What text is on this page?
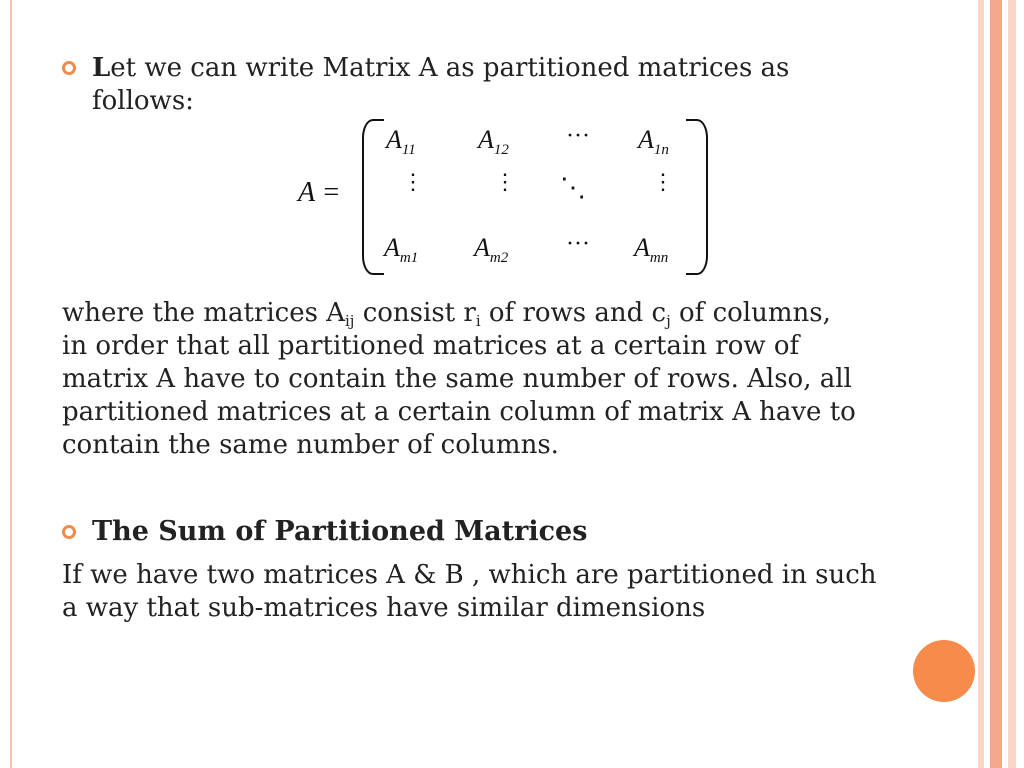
Let we can write Matrix A as partitioned matrices as
follows:
A =
$A_{11}$ $A_{12}$
··· $A_{1n}$
⋮	⋮ ⋱	⋮
$A_{m1}$ $A_{m2}$
··· $A_{mn}$
where the matrices $A_{ij}$ consist $r_i$ of rows and $c_j$ of columns,
in order that all partitioned matrices at a certain row of
matrix A have to contain the same number of rows. Also, all
partitioned matrices at a certain column of matrix A have to
contain the same number of columns.
The Sum of Partitioned Matrices
If we have two matrices A & B , which are partitioned in such
a way that sub-matrices have similar dimensions
